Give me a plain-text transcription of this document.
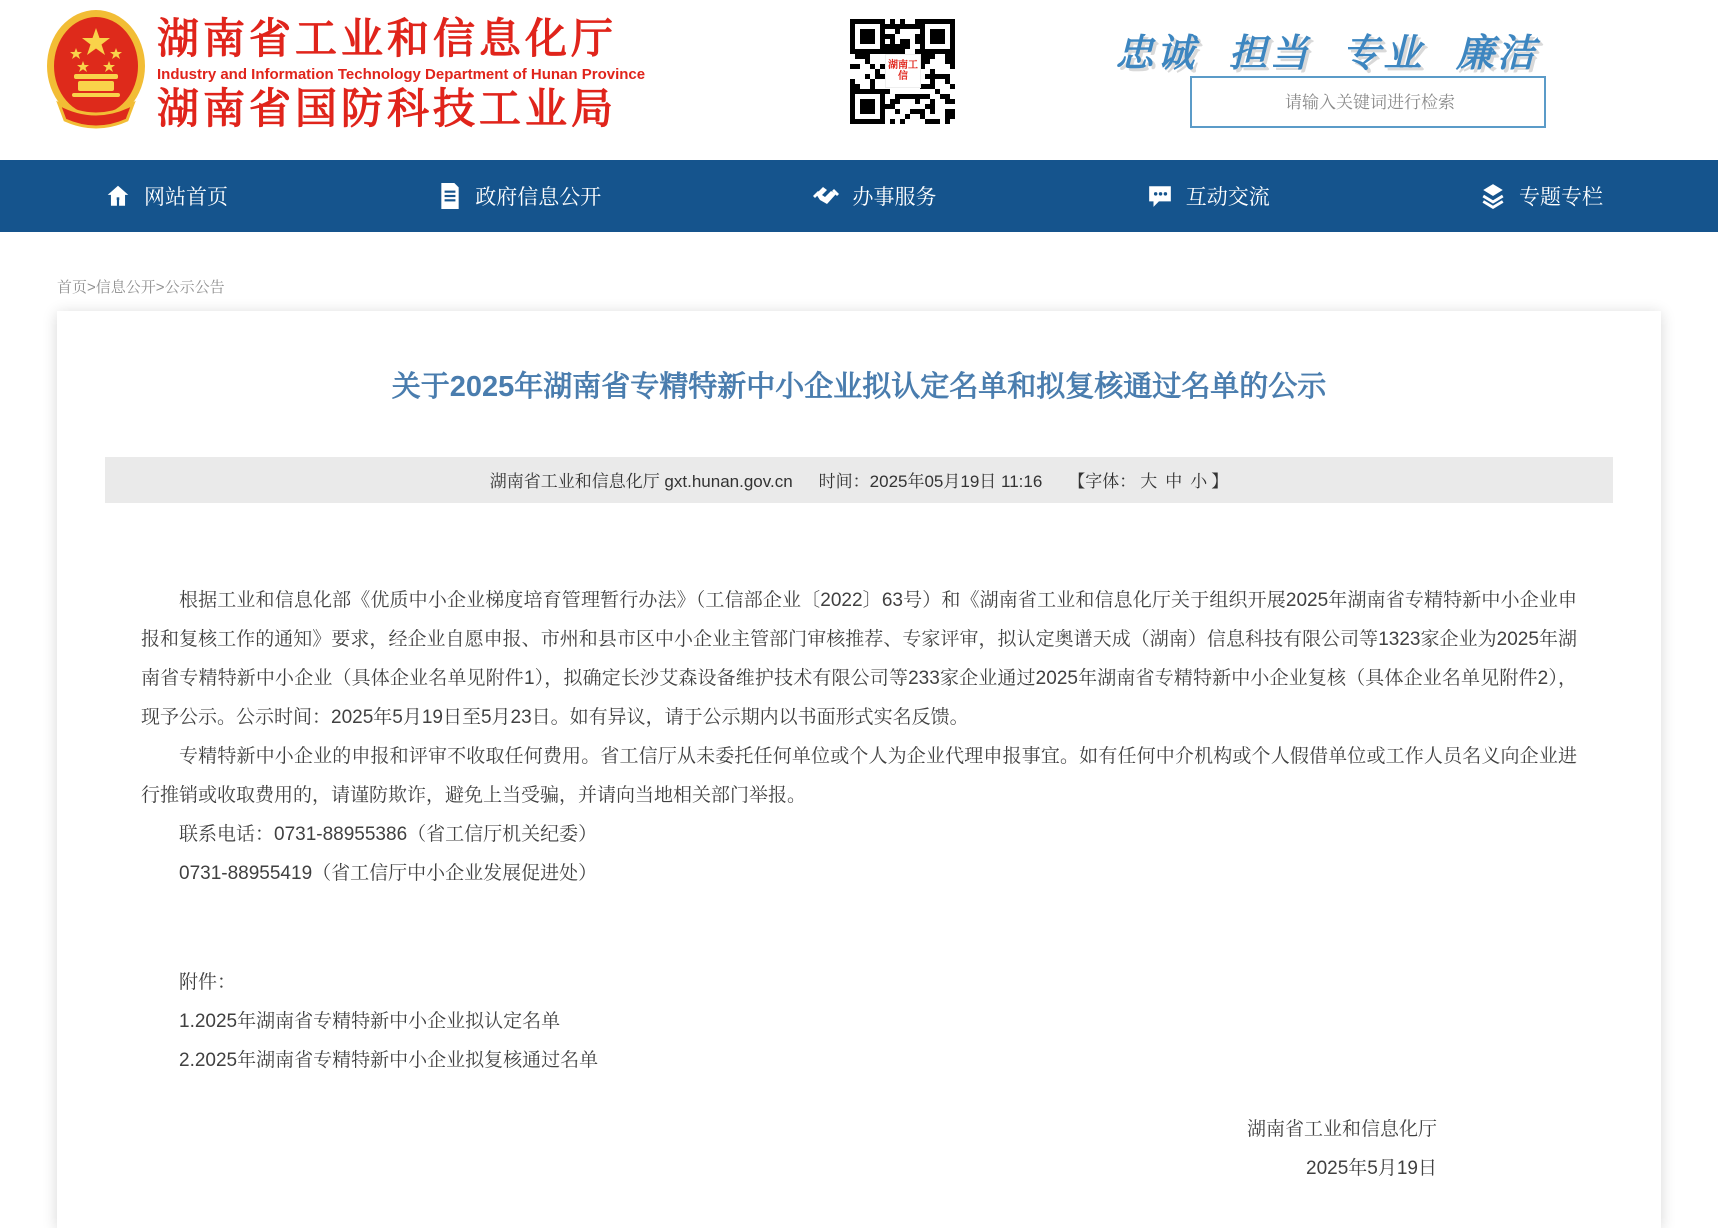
湖南省工业和信息化厅
Industry and Information Technology Department of Hunan Province
湖南省国防科技工业局
湖南工信
忠诚 担当 专业 廉洁
请输入关键词进行检索
网站首页	政府信息公开	办事服务	互动交流	专题专栏
首页>信息公开>公示公告
关于2025年湖南省专精特新中小企业拟认定名单和拟复核通过名单的公示
湖南省工业和信息化厅 gxt.hunan.gov.cn 时间：2025年05月19日 11:16 【字体： 大 中 小 】

根据工业和信息化部《优质中小企业梯度培育管理暂行办法》（工信部企业〔2022〕63号）和《湖南省工业和信息化厅关于组织开展2025年湖南省专精特新中小企业申报和复核工作的通知》要求，经企业自愿申报、市州和县市区中小企业主管部门审核推荐、专家评审，拟认定奥谱天成（湖南）信息科技有限公司等1323家企业为2025年湖南省专精特新中小企业（具体企业名单见附件1），拟确定长沙艾森设备维护技术有限公司等233家企业通过2025年湖南省专精特新中小企业复核（具体企业名单见附件2），现予公示。公示时间：2025年5月19日至5月23日。如有异议，请于公示期内以书面形式实名反馈。

专精特新中小企业的申报和评审不收取任何费用。省工信厅从未委托任何单位或个人为企业代理申报事宜。如有任何中介机构或个人假借单位或工作人员名义向企业进行推销或收取费用的，请谨防欺诈，避免上当受骗，并请向当地相关部门举报。

联系电话：0731-88955386（省工信厅机关纪委）

0731-88955419（省工信厅中小企业发展促进处）

附件：
1.2025年湖南省专精特新中小企业拟认定名单
2.2025年湖南省专精特新中小企业拟复核通过名单
湖南省工业和信息化厅
2025年5月19日
